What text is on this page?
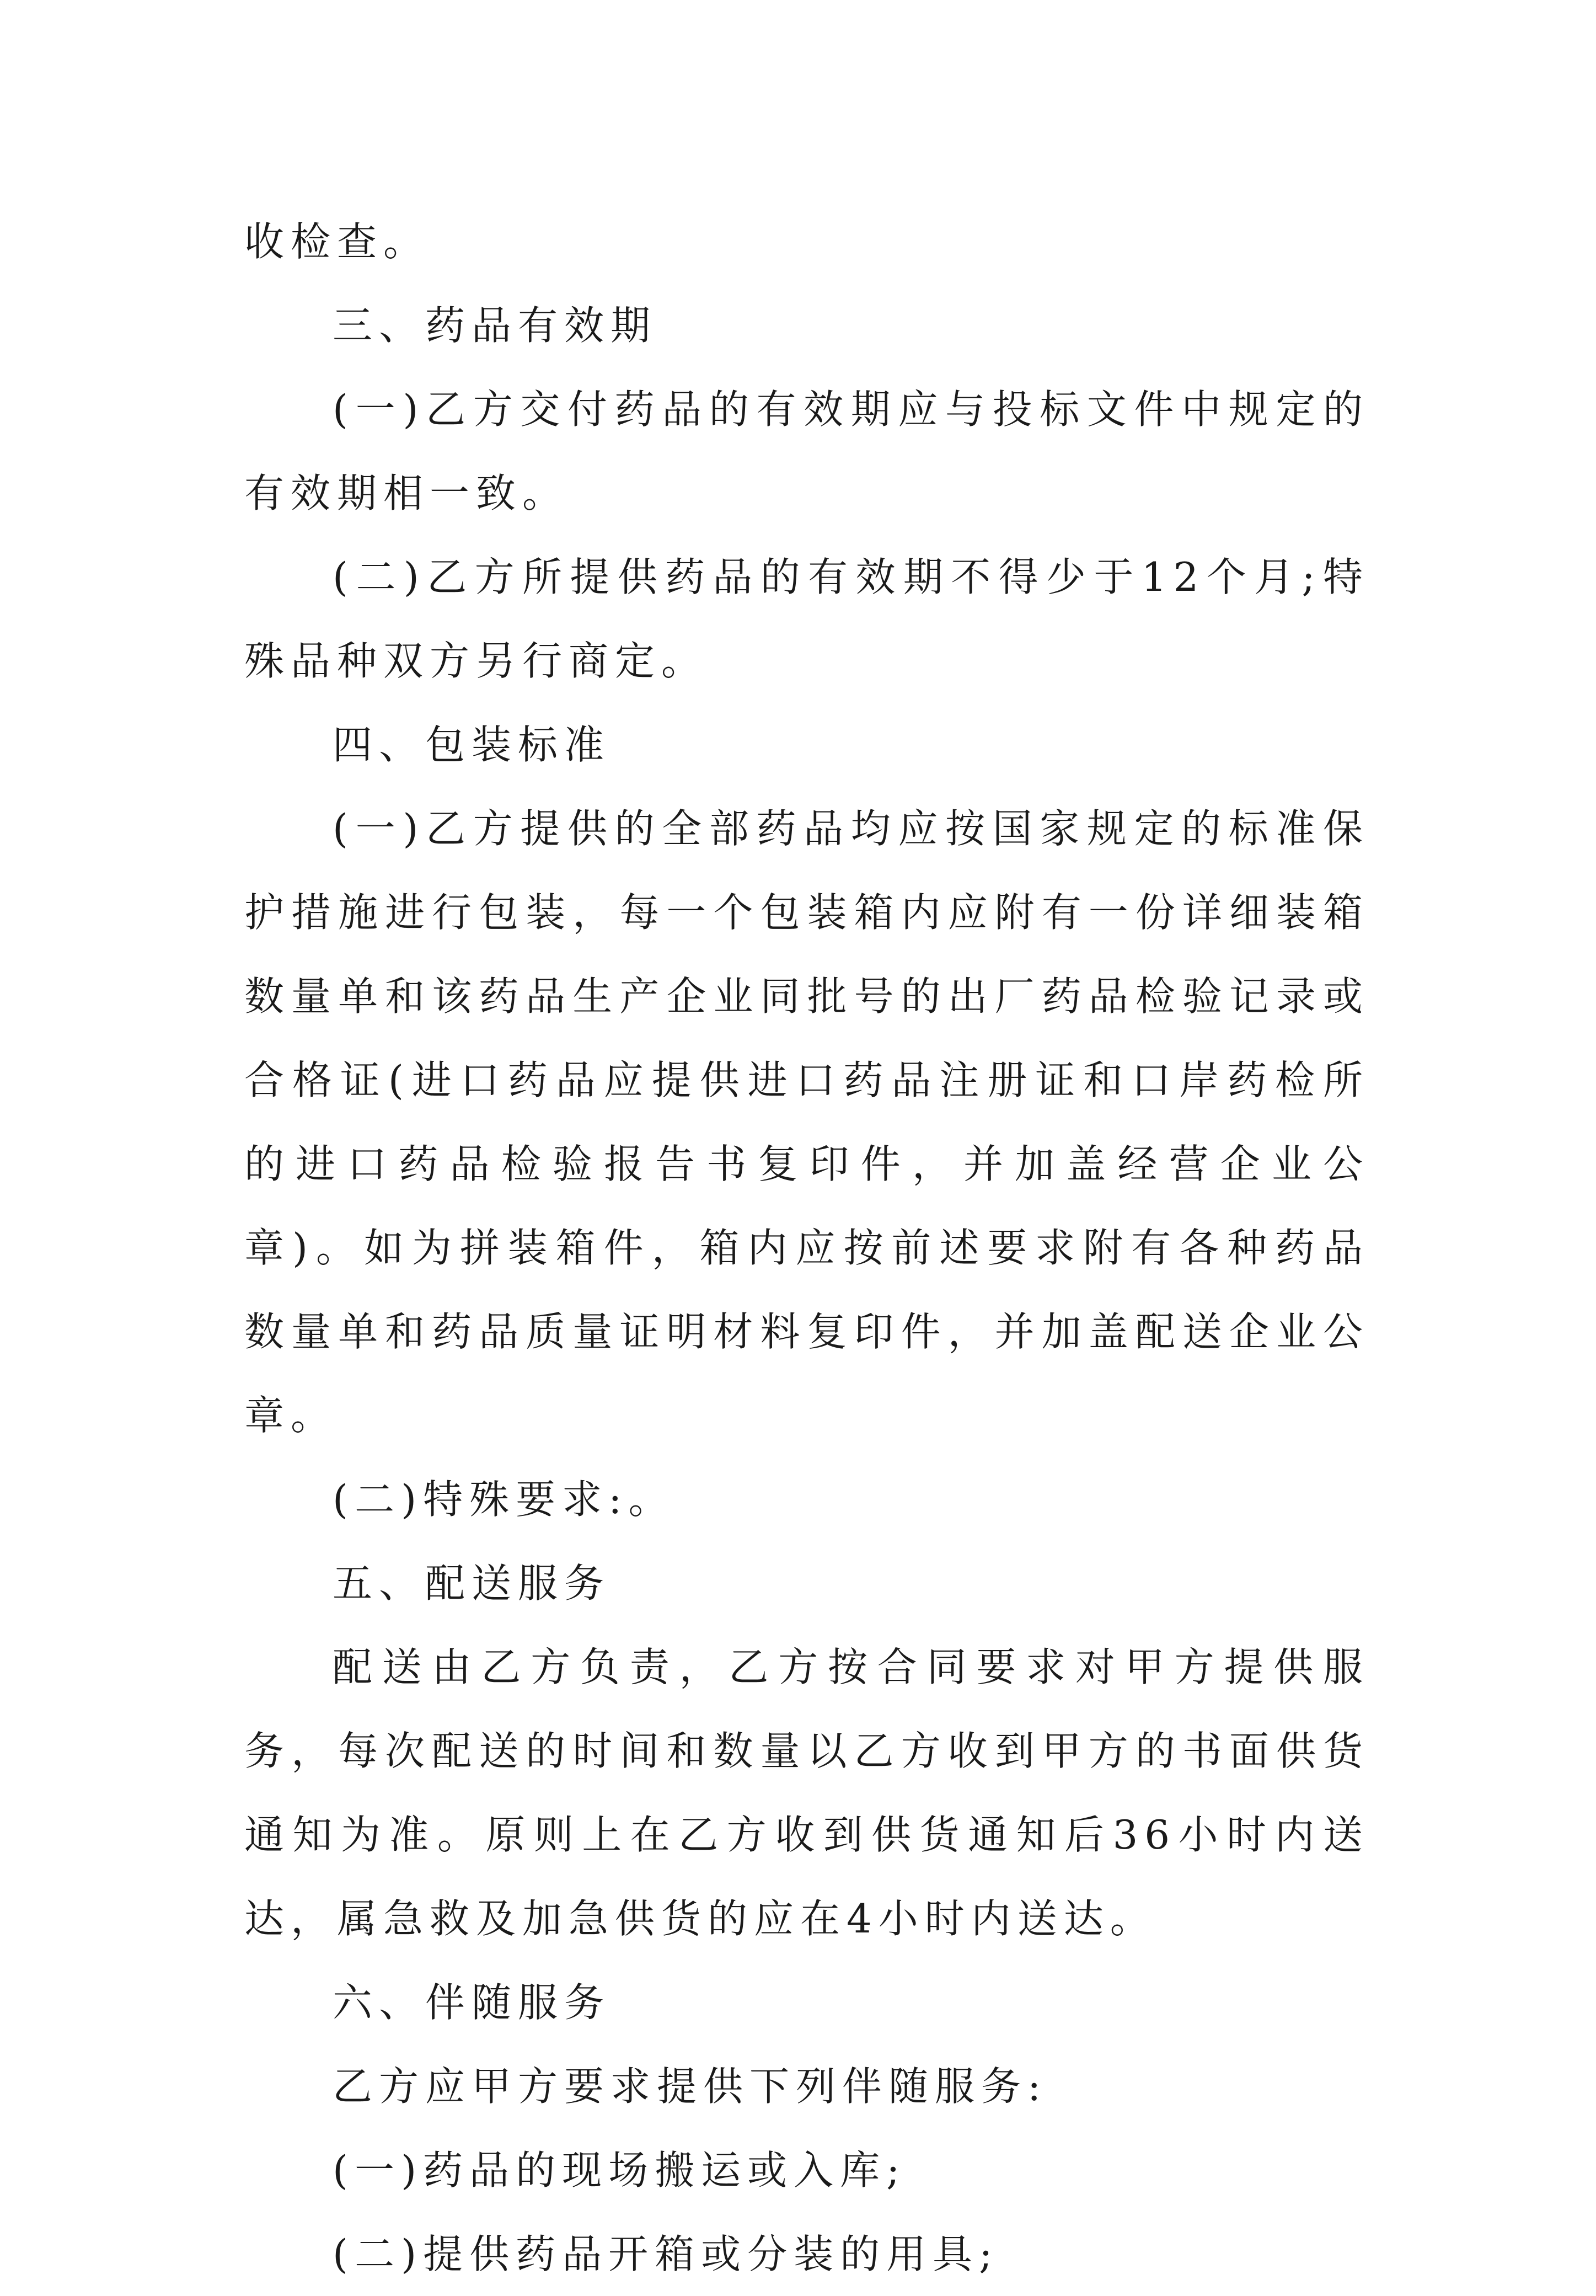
收检查。

三、药品有效期

(一)乙方交付药品的有效期应与投标文件中规定的有效期相一致。

(二)乙方所提供药品的有效期不得少于12个月;特殊品种双方另行商定。

四、包装标准

(一)乙方提供的全部药品均应按国家规定的标准保护措施进行包装，每一个包装箱内应附有一份详细装箱数量单和该药品生产企业同批号的出厂药品检验记录或合格证(进口药品应提供进口药品注册证和口岸药检所的进口药品检验报告书复印件，并加盖经营企业公章)。如为拼装箱件，箱内应按前述要求附有各种药品数量单和药品质量证明材料复印件，并加盖配送企业公章。

(二)特殊要求:。

五、配送服务

配送由乙方负责，乙方按合同要求对甲方提供服务，每次配送的时间和数量以乙方收到甲方的书面供货通知为准。原则上在乙方收到供货通知后36小时内送达，属急救及加急供货的应在4小时内送达。

六、伴随服务

乙方应甲方要求提供下列伴随服务:

(一)药品的现场搬运或入库;

(二)提供药品开箱或分装的用具;
